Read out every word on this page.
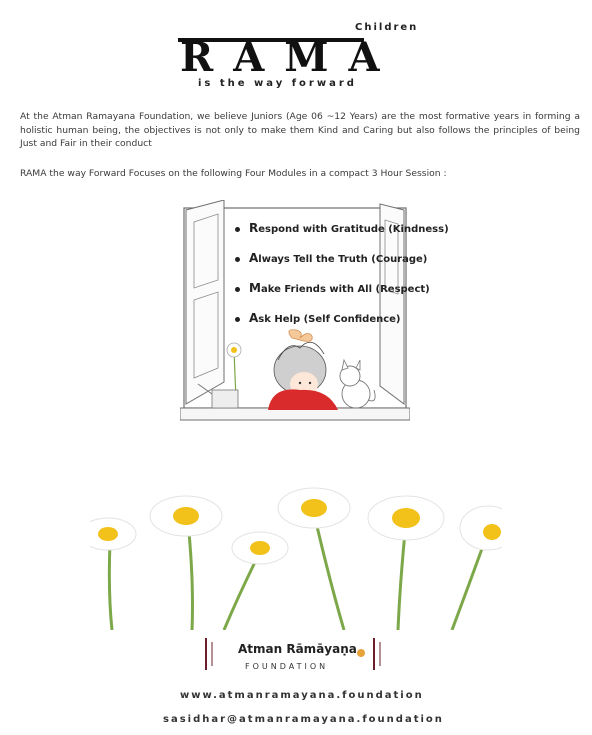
RAMA
Children
is the way forward
At the Atman Ramayana Foundation, we believe Juniors (Age 06 ~12 Years) are the most formative years in forming a holistic human being, the objectives is not only to make them Kind and Caring but also follows the principles of being Just and Fair in their conduct
RAMA the way Forward Focuses on the following Four Modules in a compact 3 Hour Session :
Respond with Gratitude (Kindness)
Always Tell the Truth (Courage)
Make Friends with All (Respect)
Ask Help (Self Confidence)
Atman Rāmāyaṇa
FOUNDATION
www.atmanramayana.foundation
sasidhar@atmanramayana.foundation
